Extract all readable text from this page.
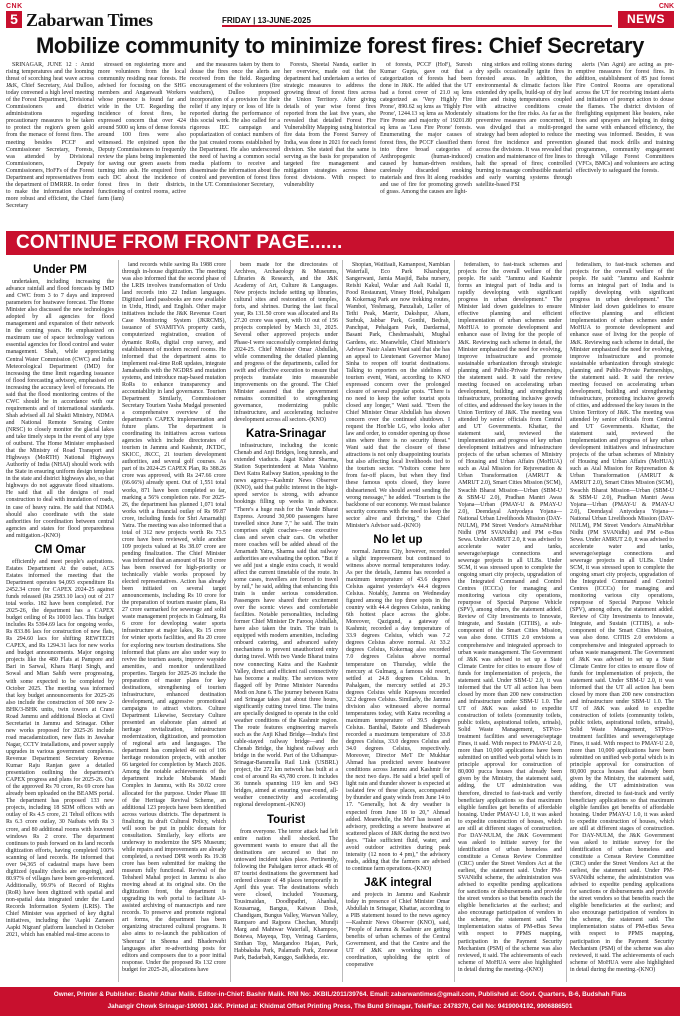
CNK
5 Zabarwan Times	FRIDAY | 13-JUNE-2025
CNK
NEWS
Mobilize community to minimize forest fires: Chief Secretary

SRINAGAR, JUNE 12 : Amid rising temperatures and the looming threat of scorching heat wave across J&K, Chief Secretary, Atal Dulloo, today convened a high level meeting of the Forest Department, Divisional Commissioners and district administrations regarding precautionary measures to be taken to protect the region's green gold from the menace of forest fires. The meeting besides PCCF and Commissioner Secretary, Forests, was attended by Divisional Commissioners, Deputy Commissioners, HoFFs of the Forest Department and representatives from the department of DMRRR. In order to make the information channel more robust and efficient, the Chief Secretary

stressed on registering more and more volunteers from the local community residing near forests. He advised for focusing on the SHG members and Anganwadi Workers whose presence is found far and wide in the UT. Regarding the incidence of forest fires, he expressed concern that over 424 around 5000 sq kms of dense forests around 100 fires were also witnessed. He enjoined upon the Deputy Commissioners to frequently review the plans being implemented for saving our green assets from turning into ash. He enquired from each DC about the incidence of forest fires in their districts, functioning of control rooms, active farm (fam)

and the measures taken by them to douse the fires once the alerts are received from the field. Regarding encouragement of the volunteers (fire watchers), Dulloo proposed incorporation of a provision for their relief if any injury or loss of life is reported during the performance of this social work. He also called for a rigorous IEC campaign and popularization of contact numbers of the just created rooms established by the Department. He also underscored the need of having a common social media platform to receive and disseminate the information about the control and prevention of forest fires in the UT. Commissioner Secretary,

Forests, Sheetal Nanda, earlier in her overview, made out that the department had undertaken a series of strategic measures to address the growing threat of forest fires across the Union Territory. After giving details of year wise forest fires reported from the last five years, she revealed that detailed Forest Fire Vulnerability Mapping using historical fire data from the Forest Survey of India, was done in 2021 for each forest division. She stated that the same is serving as the basis for preparation of targeted fire management and mitigation strategies across these forest divisions. With respect to vulnerability

of forests, PCCF (HoF), Suresh Kumar Gupta, gave out that a categorization of forests had been done in J&K. He added that the UT had a forest cover of 21.0 sq kms categorized as 'Very Highly Fire Prone', 890.62 sq kms as 'Highly Fire Prone', 1244.13 sq kms as Moderately Fire Prone and majority of 19201.80 sq kms as 'Less Fire Prone' forests. Enumerating the major causes of forest fires, the PCCF classified them into three broad categories of Anthropogenic (human-induced) caused by human-driven residues, carelessly discarded smoking materials and fires lit along roadsides and use of fire for promoting growth of grass. Among the causes are light-

ning strikes and rolling stones during dry spells occasionally ignite fires in forested areas. In addition, the environmental & climatic factors like extended dry spells, build-up of dry leaf litter and rising temperatures coupled with attractive conditions create situations for the fire risks. As far as the preventive measures are concerned, it was divulged that a multi-pronged strategy had been adopted to reduce the forest fire incidence and prevention across the divisions. It was revealed that creation and maintenance of fire lines to halt the spread of fires; controlled burning to manage combustible material and early warning systems through satellite-based FSI

alerts (Van Agni) are acting as pre-emptive measures for forest fires. In addition, establishment of 85 just forest Fire Control Rooms are operational across the UT for receiving instant alerts and initiation of prompt action to douse the flames. The district division of firefighting equipment like beaters, rake hoes and sprayers are helping in doing the same with enhanced efficiency, the meeting was informed. Besides, it was gleaned that mock drills and training programmes, community engagement through Village Forest Committees (VFCs, BMCs) and volunteers are acting effectively to safeguard the forests.

CONTINUE FROM FRONT PAGE......
Under PM

undertaken, including increasing the advance rainfall and flood forecasts by IMD and CWC from 3 to 7 days and improved parameters for heatwave forecast. The Home Minister also discussed the new technologies adopted by all agencies for flood management and expansion of their network in the coming years. He emphasized on maximum use of space technology various essential agencies for flood control and water management. Shah, while appreciating Central Water Commission (CWC) and India Meteorological Department (IMD) for increasing the time limit regarding issuance of flood forecasting advisory, emphasised on increasing the accuracy level of forecasts. He said that the flood monitoring centres of the CWC should be in accordance with our requirements and of international standards. Shah advised all Jal Shakti Ministry, NDMA and National Remote Sensing Centre (NRSC) to closely monitor the glacial lakes and take timely steps in the event of any type of outburst. The Home Minister emphasised that the Ministry of Road Transport and Highways (MoRTH) National Highways Authority of India (NHAI) should work with the State in ensuring uniform design template in the state and district highways also, so that highways do not aggravate flood situations. He said that all the designs of road construction to deal with inundation of roads, in case of heavy rains. He said that NDMA should also coordinate with the state authorities for coordination between central agencies and states for flood preparedness and mitigation.-(KNO)

CM Omar

efficiently and meet people's aspirations. Estates Department At the outset, ACS Estates informed the meeting that the Department operates 94,093 expenditure Rs 2452.34 crore for CAPEX 2024-25 against funds released (Rs 2583.10 lacs) out of 217 total works. 182 have been completed. For 2025-26, the department has a CAPEX budget ceiling of Rs 10010 lacs. This budget includes Rs 5394.69 lacs for ongoing works, Rs 833.86 lacs for construction of new flats, Rs 294.60 lacs for shifting REWTECH CAPEX, and Rs 1294.31 lacs for new works and budget announcements. Major ongoing projects like the 480 Flats at Pampore and Bari in Sarwal, Khara Hanji Singh, and Sowal and Mian Sahib were progressing, with some expected to be completed by October 2025. The meeting was informed that key budget announcements for 2025-26 also include the construction of 300 new 2-BHK/3-BHK units, twin towers at Crane Road Jammu and additional Blocks at Civil Secretariat in Jammu and Srinagar. Other new works proposed for 2025-26 include road macadamization, new flats in Jawahar Nagar, CCTV installations, and power supply upgrades in various government complexes. Revenue Department Secretary Revenue Kumar Raju Ranjan gave a detailed presentation outlining the department's CAPEX progress and plans for 2025-26. Out of the approved Rs 70 crore, Rs 69 crore has already been uploaded on the BEAMS portal. The department has proposed 133 new projects, including 18 SDM offices with an outlay of Rs 4.5 crore, 21 Tehsil offices with Rs 6.3 crore outlay, 30 Naibats with Rs 3 crore, and 80 additional rooms with louvered windows Rs 2 crore. The department continues to push forward on its land records digitization efforts, having completed 100% scanning of land records. He informed that over 94,365 of cadastral maps have been digitized (quality checks are ongoing), and 80.97% of villages have been geo-referenced. Additionally, 99.9% of Record of Rights (RoR) have been digitized with spatial and non-spatial data integrated under the Land Records Information System (LRIS). The Chief Minister was apprised of key digital initiatives, including the 'Aapki Zameen Aapki Nigrani' platform launched in October 2021, which has enabled real-time access to

land records while saving Rs 1988 crore through in-house digitization. The meeting was also informed that the second phase of the LRIS involves transformation of Urdu land records into 22 Indian languages. Digitized land passbooks are now available in Urdu, Hindi, and English. Other major initiatives include the J&K Revenue Court Case Monitoring System (JKRCMS), issuance of SVAMITVA property cards, computerized registration, creation of dynamic RoRs, digital crop survey, and establishment of modern record rooms. He informed that the department aims to implement real-time RoR updates, integrate Jamabandis with the NGDRS and mutation systems, and introduce map-based mutation RoRs to enhance transparency and accountability in land governance. Tourism Department Similarly, Commissioner Secretary Tourism Yasha Mudgal presented a comprehensive overview of the department's CAPEX implementation and future plans. The department is coordinating its initiatives across various agencies which include directorates of tourism in Jammu and Kashmir, JKTDC, SKICC, JKCC, 21 tourism development authorities, and several golf courses. As part of its 2024-25 CAPEX Plan, Rs 388.26 crore was approved, with Rs 247.66 crore (66.66%) already spent. Out of 1,551 total works, 871 have been completed so far, marking a 56% completion rate. For 2025-26, the department has planned 1,071 total works with a financial outlay of Rs 99.87 crore, including funds for Shri Amarnathji Yatra. The meeting was also informed that a total of 312 new projects worth Rs 73.5 crore have been reviewed, while another 109 projects valued at Rs 38.07 crore are pending finalization. The Chief Minister was informed that an amount of Rs 10 crore has been reserved for high-priority or technically viable works proposed by elected representatives. Action has already been initiated on several target announcements, including Rs 10 crore for the preparation of tourism master plans, Rs 27 crore earmarked for sewerage and solid waste management projects in Gulmarg, Rs 6 crore for developing water sports infrastructure at major lakes, Rs 15 crore for winter sports facilities, and Rs 20 crore for exploring new tourism destinations. She informed that plans are also under way to revive the tourism assets, improve wayside amenities, and monitor underutilized properties. Targets for 2025-26 include the preparation of master plans for key destinations, strengthening of tourism infrastructure, enhanced destination development, and aggressive promotional campaigns to attract visitors. Culture Department Likewise, Secretary Culture presented an elaborate plan aimed at heritage revitalization, infrastructure modernization, digitization, and promotion of regional arts and languages. The department has completed 46 out of 106 heritage restoration projects, with another 66 targeted for completion by March 2026. Among the notable achievements of the department include Mubarak Mandi Complex in Jammu, with Rs 30.02 crore allocated for the purpose. Under Phase III of the Heritage Revival Scheme, an additional 123 projects have been identified across various districts. The department is finalizing its draft Cultural Policy, which will soon be put in public domain for consultation. Similarly, key efforts are underway to modernize the SPS Museum; while repairs and improvements are already completed, a revised DPR worth Rs 19.38 crore has been submitted for making the museum fully functional. Revival of the Tehsheel Mahal project in Jammu is also moving ahead at its original site. On the digitization front, the department is upgrading its web portal to facilitate AI-assisted archiving of manuscripts and rare records. To preserve and promote regional art forms, the department has been organizing structured cultural programs. It also aims to re-launch the publication of 'Sheeraza' in Sheena and Bhaderwahi languages after re-advertising posts for editors and composers due to a poor initial response. Under the proposed Rs 132 crore budget for 2025-26, allocations have

been made for the directorates of Archives, Archaeology & Museums, Libraries & Research, and the J&K Academy of Art, Culture & Languages. New projects include setting up libraries, cultural sites and restoration of temples, forts, and shrines. During the last fiscal year, Rs 131.50 crore was allocated and Rs 27.20 crore was spent, with 10 out of 156 projects completed by March 31, 2025. Several other approved projects under Phase-I were successfully completed during 2024-25. Chief Minister Omar Abdullah, while commending the detailed planning and progress of the departments, called for swift and effective execution to ensure that projects translate into measurable improvements on the ground. The Chief Minister assured that the government remains committed to strengthening governance, modernizing public infrastructure, and accelerating inclusive development across all sectors.-(KNO)

Katra-Srinagar

infrastructure, including the iconic Chenab and Anji Bridges, long tunnels, and extended viaducts. Jagat Kishor Sharma, Station Superintendent at Mata Vaishno Devi Katra Railway Station, speaking to the news agency—Kashmir News Observer (KNO), said that public interest in the high-speed service is strong, with advance bookings filling up weeks in advance. "There's a huge rush for the Vande Bharat Express. Around 30,900 passengers have travelled since June 7," he said. The train comprises eight coaches—one executive class and seven chair cars. On whether more coaches will be added ahead of the Amarnath Yatra, Sharma said that railway authorities are evaluating the option. "But if we add just a single extra coach, it would affect the current timetable of the route. In some cases, travellers are forced to travel by rail," he said, adding that enhancing this train is under serious consideration. Passengers have shared their excitement over the scenic views and comfortable facilities. Notable personalities, including former Chief Minister Dr Farooq Abdullah, have also taken the train. The train is equipped with modern amenities, including onboard catering, and advanced safety mechanisms to prevent unauthorized entry during travel. With two Vande Bharat trains now connecting Katra and the Kashmir Valley, direct and efficient rail connectivity has become a reality. The services were flagged off by Prime Minister Narendra Modi on June 6. The journey between Katra and Srinagar takes just about three hours, significantly cutting travel time. The trains are specially designed to operate in the cold weather conditions of the Kashmir region. The route features engineering marvels such as the Anji Khad Bridge—India's first cable-stayed railway bridge—and the Chenab Bridge, the highest railway arch bridge in the world. Part of the Udhampur-Srinagar-Baramulla Rail Link (USBRL) project, the 272 km network has built at a cost of around Rs 43,780 crore. It includes 36 tunnels spanning 119 km and 943 bridges, aimed at ensuring year-round, all-weather connectivity and accelerating regional development.-(KNO)

Tourist

from everyone. The terror attack had left entire nation shell shocked. The government wants to ensure that all the destinations are secured so that no untoward incident takes place. Pertinently, following the Pahalgam terror attack 48 of 87 tourist destinations the government had ordered closure of 48 places temporarily in April this year. The destinations which were closed, included Yousmarg, Tousimaidan, Doodhpathri, Ahanbal, Kousarnag, Bangus, Kaiwan Dosh, Chandigam, Bungus Valley, Warwan Valley, Ramparo and Rajpora Chechan, Mundji Marg and Mahtwar Waterfall, Khampoo, Botewa, Mayeqa, Top, Verinag Gardens, Sinthan Top, Margandoo Hajan, Park, Habbaksha Park, Palamath Park, Zorawar Park, Badarbah, Kanggo, Sadkheda, etc.

Shopian, Watifaali, Kamanpost, Namblan Waterfall, Eco Park Kharshpur, Sangerwani, Jamia Masjid, Baba nursery, Reishi Kakul, Wular and Aali Kadal II, Food Restaurant, Vinsey Hotel, Pahalgam & Kokernag Park are now trekking routes, Wamboi, Yeshmarg, Panzaliab, Leller of Tethi Peak, Marrir, Dakshpur, Aham, Surbuk, Jabbar Park, Gonthi, Bedrah, Panchpat, Pehalgam Park, Dardarmal, Basant Park, Cheshmashahi, Mughal Gardens, etc. Meanwhile, Chief Minister's Advisor Nasir Aslam Wani said that she has an appeal to Lieutenant Governor Manoj Sinha to reopen off tourist destinations. Talking to reporters on the sidelines of tourism event, Wani, according to KNO expressed concern over the prolonged closure of several popular spots. "There is no need to keep the softer tourist spots closed any longer," Wani said. "Even the Chief Minister Omar Abdullah has shown concern over the continued shutdown. I request the Hon'ble LG, who looks after law and order, to consider opening up those sites where there is no security threat." Wani said that the closure of these attractions is not only disappointing tourists but also affecting local livelihoods tied to the tourism sector. "Visitors come here from far-off places, but when they find these famous spots closed, they leave disheartened. We should avoid sending the wrong message," he added. "Tourism is the backbone of our economy. We must balance security concerns with the need to keep the sector alive and thriving," the Chief Minister's Advisor said.-(KNO)

No let up

normal. Jammu City, however, recorded a slight improvement but continued to witness above normal temperatures today. As per the details, Jammu has recorded a maximum temperature of 43.6 degrees Celsius against yesterday's 44.4 degrees Celsius. Notably, Jammu on Wednesday figured among the top three spots in the country with 44.4 degrees Celsius, ranking 6th hottest place across the globe. Moreover, Qazigund, a gateway of Kashmir, recorded a day temperature of 33.9 degrees Celsius, which was 7.2 degrees Celsius above normal. At 33.2 degrees Celsius, Kokernag also recorded 7.0 degrees Celsius above normal temperature on Thursday, while the mercury at Gulmarg, a famous ski resort, settled at 24.8 degrees Celsius. In Pahalgam, the mercury settled at 29.3 degrees Celsius while Kupwara recorded 32.2 degrees Celsius. Similarly, the Jammu division also witnessed above normal temperatures today, with Katra recording a maximum temperature of 39.5 degrees Celsius. Banihal, Batote and Bhaderwah recorded a maximum temperature of 33.8 degrees Celsius, 33.0 degrees Celsius and 34.0 degrees Celsius, respectively. Moreover, Director MeT Dr Mukhtar Ahmad has predicted severe heatwave conditions across Jammu and Kashmir for the next two days. He said a brief spell of light rain and thunder shower is expected at isolated few of these places, accompanied by thunder and gusty winds from June 14 to 17. "Generally, hot & dry weather is expected from June 18 to 20," Ahmad added. Meanwhile, the MeT has issued an advisory, predicting a severe heatwave at scattered places of J&K during the next two days. "Take sufficient fluid, water, and avoid outdoor activities during peak intensity (12 noon to 4 pm)," the advisory reads, adding that the farmers are advised to continue farm operations.-(KNO)

J&K integral

and projects in Jammu and Kashmir today in presence of Chief Minister Omar Abdullah in Srinagar, Khattar, according to a PIB statement issued to the news agency—Kashmir News Observer (KNO), said, "People of Jammu & Kashmir are getting benefits of urban schemes of the Central Government, and that the Centre and the UT of J&K are working in close coordination, upholding the spirit of cooperative

federalism, to fast-track schemes and projects for the overall welfare of the people. He said: "Jammu and Kashmir forms an integral part of India and is rapidly developing with significant progress in urban development." The Minister laid down guidelines to ensure effective planning and efficient implementation of urban schemes under MoHUA to promote development and enhance ease of living for the people of J&K. Reviewing each scheme in detail, the Minister emphasized the need for evolving, improve infrastructure and promote sustainable urbanization through strategic planning and Public-Private Partnerships, the statement said. It said the review meeting focused on accelerating urban development, building and strengthening infrastructure, promoting inclusive growth of cities, and addressed the key issues in the Union Territory of J&K. The meeting was attended by senior officials from Central and UT Governments. Khattar, the statement said, reviewed the implementation and progress of key urban development initiatives and infrastructure projects of the urban schemes of Ministry of Housing and Urban Affairs (MoHUA) such as Atal Mission for Rejuvenation & Urban Transformation (AMRUT & AMRUT 2.0), Smart Cities Mission (SCM), Swachh Bharat Mission—Urban (SBM-U & SBM-U 2.0), Pradhan Mantri Awas Yojana—Urban (PMAY-U & PMAY-U 2.0), Deendayal Antyodaya Yojana—National Urban Livelihoods Mission (DAY-NULM), PM Street Vendor's AtmaNirbhar Nidhi (PM SVANidhi) and PM e-Bus Sewa. Under AMRUT 2.0, it was advised to accelerate water and tanks, sewerage/septage connections and sewerage projects in all ULBs. Under SCM, it was stressed upon to complete the ongoing smart city projects, upgradation of the Integrated Command and Control Centres (ICCCs) for managing and monitoring various city operations, repurpose of Special Purpose Vehicle (SPV), among others, the statement added. Review of City Investments to Innovate, Integrate, and Sustain (CITIIS), a sub-component of the Smart Cities Mission, was also done. CITIIS 2.0 envisions a comprehensive and integrated approach to urban waste management. The Government of J&K was advised to set up a State Climate Centre for cities to ensure flow of funds for implementation of projects, the statement said. Under SBM-U 2.0, it was informed that the UT all action has been closed by more than 200 new construction and infrastructure under SBM-U 1.0. The UT of J&K was asked to expedite construction of toilets (community toilets, public toilets, aspirational toilets, urinals), Solid Waste Management, STP/co-treatment facilities and sewerage/septage Fines, it said. With respect to PMAY-U 2.0, more than 10,000 applications have been submitted on unified web portal which is in principle approval for construction of 80,000 pucca houses that already been given by the Ministry, the statement said, adding, the UT administration was therefore, directed to fast-track and verify beneficiary applications so that maximum eligible families get benefits of affordable housing. Under PMAY-U 1.0, it was asked to expedite construction of houses, which are still at different stages of construction. For DAY-NULM, the J&K Government was asked to initiate survey for the identification of urban homeless and constitute a Census Review Committee (CRC) under the Street Vendors Act at the earliest, the statement said. Under PM-SVANidhi scheme, the administration was advised to expedite pending applications for sanctions or disbursements and provide the street vendors so that benefits reach the eligible beneficiaries at the earliest; and also encourage participation of vendors in the scheme, the statement said. The implementation status of PM-eBus Sewa with respect to PPMS mapping, participation in the Payment Security Mechanism (PSM) of the scheme was also reviewed, it said. The achievements of each scheme of MoHUA were also highlighted in detail during the meeting.-(KNO)

federalism, to fast-track schemes and projects for the overall welfare of the people. He said: "Jammu and Kashmir forms an integral part of India and is rapidly developing with significant progress in urban development." The Minister laid down guidelines to ensure effective planning and efficient implementation of urban schemes under MoHUA to promote development and enhance ease of living for the people of J&K. Reviewing each scheme in detail, the Minister emphasized the need for evolving, improve infrastructure and promote sustainable urbanization through strategic planning and Public-Private Partnerships, the statement said. It said the review meeting focused on accelerating urban development, building and strengthening infrastructure, promoting inclusive growth of cities, and addressed the key issues in the Union Territory of J&K. The meeting was attended by senior officials from Central and UT Governments. Khattar, the statement said, reviewed the implementation and progress of key urban development initiatives and infrastructure projects of the urban schemes of Ministry of Housing and Urban Affairs (MoHUA) such as Atal Mission for Rejuvenation & Urban Transformation (AMRUT & AMRUT 2.0), Smart Cities Mission (SCM), Swachh Bharat Mission—Urban (SBM-U & SBM-U 2.0), Pradhan Mantri Awas Yojana—Urban (PMAY-U & PMAY-U 2.0), Deendayal Antyodaya Yojana—National Urban Livelihoods Mission (DAY-NULM), PM Street Vendor's AtmaNirbhar Nidhi (PM SVANidhi) and PM e-Bus Sewa. Under AMRUT 2.0, it was advised to accelerate water and tanks, sewerage/septage connections and sewerage projects in all ULBs. Under SCM, it was stressed upon to complete the ongoing smart city projects, upgradation of the Integrated Command and Control Centres (ICCCs) for managing and monitoring various city operations, repurpose of Special Purpose Vehicle (SPV), among others, the statement added. Review of City Investments to Innovate, Integrate, and Sustain (CITIIS), a sub-component of the Smart Cities Mission, was also done. CITIIS 2.0 envisions a comprehensive and integrated approach to urban waste management. The Government of J&K was advised to set up a State Climate Centre for cities to ensure flow of funds for implementation of projects, the statement said. Under SBM-U 2.0, it was informed that the UT all action has been closed by more than 200 new construction and infrastructure under SBM-U 1.0. The UT of J&K was asked to expedite construction of toilets (community toilets, public toilets, aspirational toilets, urinals), Solid Waste Management, STP/co-treatment facilities and sewerage/septage Fines, it said. With respect to PMAY-U 2.0, more than 10,000 applications have been submitted on unified web portal which is in principle approval for construction of 80,000 pucca houses that already been given by the Ministry, the statement said, adding, the UT administration was therefore, directed to fast-track and verify beneficiary applications so that maximum eligible families get benefits of affordable housing. Under PMAY-U 1.0, it was asked to expedite construction of houses, which are still at different stages of construction. For DAY-NULM, the J&K Government was asked to initiate survey for the identification of urban homeless and constitute a Census Review Committee (CRC) under the Street Vendors Act at the earliest, the statement said. Under PM-SVANidhi scheme, the administration was advised to expedite pending applications for sanctions or disbursements and provide the street vendors so that benefits reach the eligible beneficiaries at the earliest; and also encourage participation of vendors in the scheme, the statement said. The implementation status of PM-eBus Sewa with respect to PPMS mapping, participation in the Payment Security Mechanism (PSM) of the scheme was also reviewed, it said. The achievements of each scheme of MoHUA were also highlighted in detail during the meeting.-(KNO)

Owner, Printer & Publisher: Bashir Athar Malik. Editor-in-Chief: Bashir Malik. RNI No: JKBIL/2011/39764. Email: zabarwantimes@gmail.com, Published at: Govt. Quarters, B-6, Budshah Flats
Jahangir Chowk Srinagar-190001 J&K. Printed at: Khidmat Offset Printing Press, The Bund Srinagar, Tele/Fax: 2478370, Cell No: 9419004192, 9906886501
